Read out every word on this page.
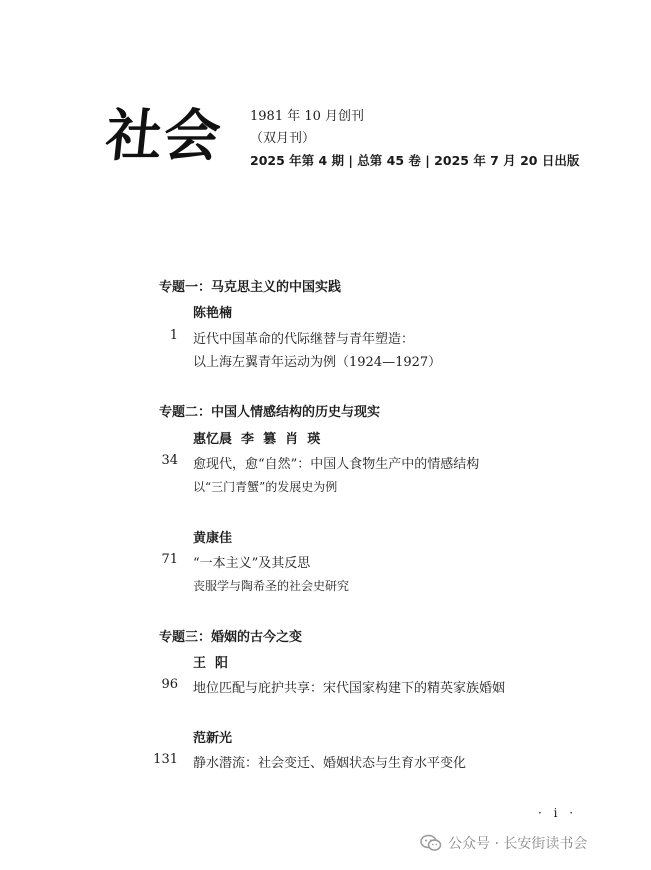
社会	1981 年 10 月创刊
（双月刊）
2025 年第 4 期 | 总第 45 卷 | 2025 年 7 月 20 日出版
专题一：马克思主义的中国实践
陈艳楠
1 近代中国革命的代际继替与青年塑造：
以上海左翼青年运动为例（1924—1927）
专题二：中国人情感结构的历史与现实
惠忆晨  李  篡  肖  瑛
34 愈现代，愈“自然”：中国人食物生产中的情感结构
以“三门青蟹”的发展史为例
黄康佳
71 “一本主义”及其反思
丧服学与陶希圣的社会史研究
专题三：婚姻的古今之变
王  阳
96 地位匹配与庇护共享：宋代国家构建下的精英家族婚姻
范新光
131 静水潜流：社会变迁、婚姻状态与生育水平变化
· i ·
公众号 · 长安街读书会
